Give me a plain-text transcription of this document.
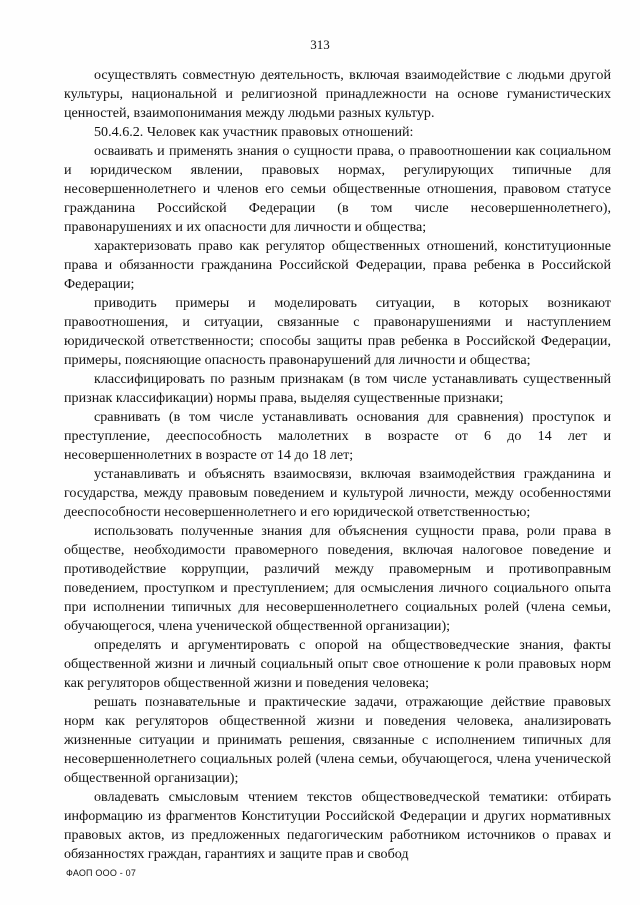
313

осуществлять совместную деятельность, включая взаимодействие с людьми другой культуры, национальной и религиозной принадлежности на основе гуманистических ценностей, взаимопонимания между людьми разных культур.

50.4.6.2. Человек как участник правовых отношений:

осваивать и применять знания о сущности права, о правоотношении как социальном и юридическом явлении, правовых нормах, регулирующих типичные для несовершеннолетнего и членов его семьи общественные отношения, правовом статусе гражданина Российской Федерации (в том числе несовершеннолетнего), правонарушениях и их опасности для личности и общества;

характеризовать право как регулятор общественных отношений, конституционные права и обязанности гражданина Российской Федерации, права ребенка в Российской Федерации;

приводить примеры и моделировать ситуации, в которых возникают правоотношения, и ситуации, связанные с правонарушениями и наступлением юридической ответственности; способы защиты прав ребенка в Российской Федерации, примеры, поясняющие опасность правонарушений для личности и общества;

классифицировать по разным признакам (в том числе устанавливать существенный признак классификации) нормы права, выделяя существенные признаки;

сравнивать (в том числе устанавливать основания для сравнения) проступок и преступление, дееспособность малолетних в возрасте от 6 до 14 лет и несовершеннолетних в возрасте от 14 до 18 лет;

устанавливать и объяснять взаимосвязи, включая взаимодействия гражданина и государства, между правовым поведением и культурой личности, между особенностями дееспособности несовершеннолетнего и его юридической ответственностью;

использовать полученные знания для объяснения сущности права, роли права в обществе, необходимости правомерного поведения, включая налоговое поведение и противодействие коррупции, различий между правомерным и противоправным поведением, проступком и преступлением; для осмысления личного социального опыта при исполнении типичных для несовершеннолетнего социальных ролей (члена семьи, обучающегося, члена ученической общественной организации);

определять и аргументировать с опорой на обществоведческие знания, факты общественной жизни и личный социальный опыт свое отношение к роли правовых норм как регуляторов общественной жизни и поведения человека;

решать познавательные и практические задачи, отражающие действие правовых норм как регуляторов общественной жизни и поведения человека, анализировать жизненные ситуации и принимать решения, связанные с исполнением типичных для несовершеннолетнего социальных ролей (члена семьи, обучающегося, члена ученической общественной организации);

овладевать смысловым чтением текстов обществоведческой тематики: отбирать информацию из фрагментов Конституции Российской Федерации и других нормативных правовых актов, из предложенных педагогическим работником источников о правах и обязанностях граждан, гарантиях и защите прав и свобод

ФАОП ООО - 07
